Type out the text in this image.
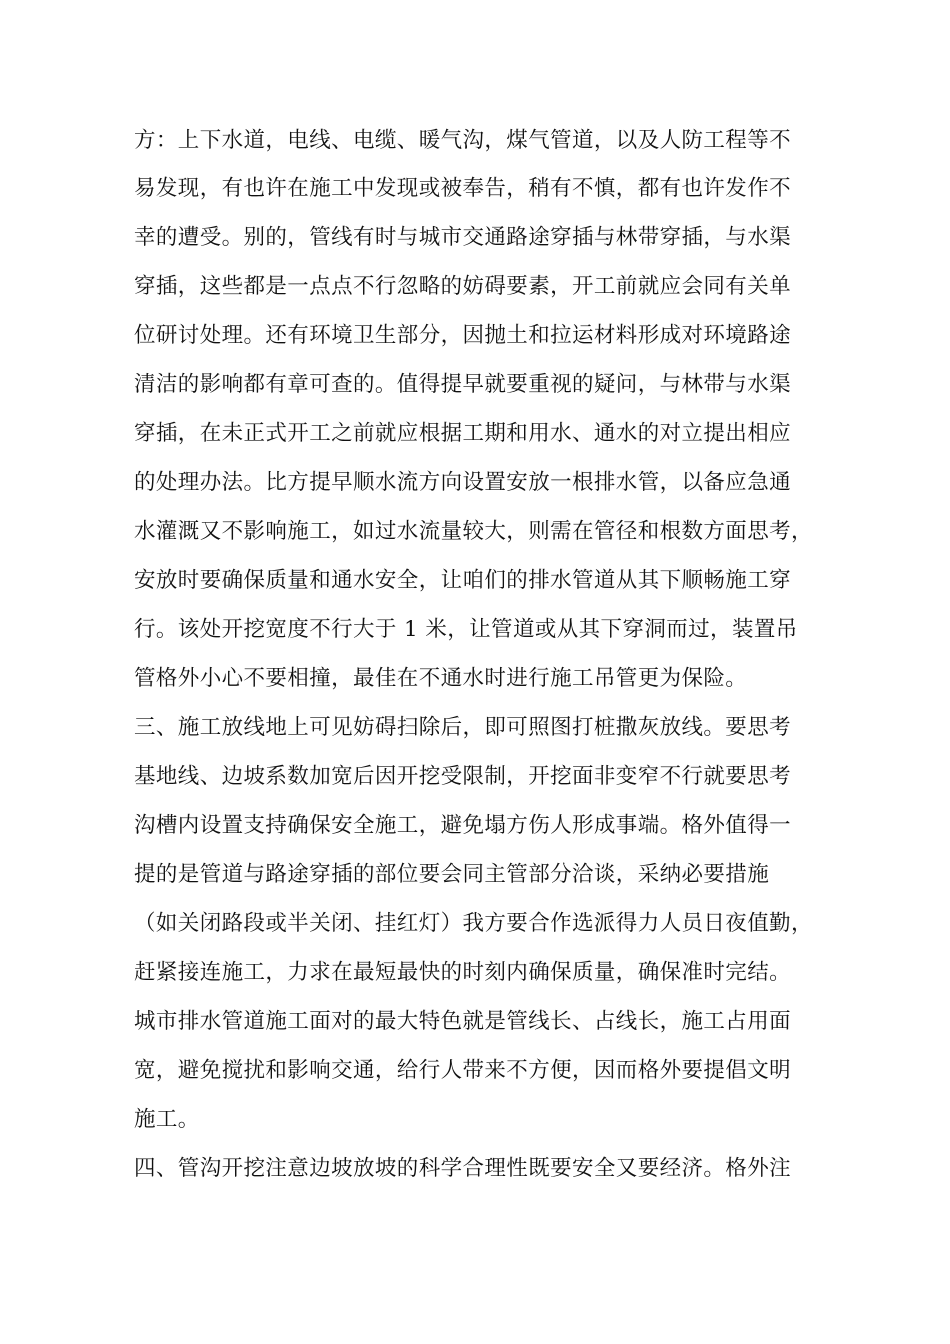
方：上下水道，电线、电缆、暖气沟，煤气管道，以及人防工程等不
易发现，有也许在施工中发现或被奉告，稍有不慎，都有也许发作不
幸的遭受。别的，管线有时与城市交通路途穿插与林带穿插，与水渠
穿插，这些都是一点点不行忽略的妨碍要素，开工前就应会同有关单
位研讨处理。还有环境卫生部分，因抛土和拉运材料形成对环境路途
清洁的影响都有章可查的。值得提早就要重视的疑问，与林带与水渠
穿插，在未正式开工之前就应根据工期和用水、通水的对立提出相应
的处理办法。比方提早顺水流方向设置安放一根排水管，以备应急通
水灌溉又不影响施工，如过水流量较大，则需在管径和根数方面思考，
安放时要确保质量和通水安全，让咱们的排水管道从其下顺畅施工穿
行。该处开挖宽度不行大于 1 米，让管道或从其下穿洞而过，装置吊
管格外小心不要相撞，最佳在不通水时进行施工吊管更为保险。
三、施工放线地上可见妨碍扫除后，即可照图打桩撒灰放线。要思考
基地线、边坡系数加宽后因开挖受限制，开挖面非变窄不行就要思考
沟槽内设置支持确保安全施工，避免塌方伤人形成事端。格外值得一
提的是管道与路途穿插的部位要会同主管部分洽谈，采纳必要措施
（如关闭路段或半关闭、挂红灯）我方要合作选派得力人员日夜值勤，
赶紧接连施工，力求在最短最快的时刻内确保质量，确保准时完结。
城市排水管道施工面对的最大特色就是管线长、占线长，施工占用面
宽，避免搅扰和影响交通，给行人带来不方便，因而格外要提倡文明
施工。
四、管沟开挖注意边坡放坡的科学合理性既要安全又要经济。格外注
